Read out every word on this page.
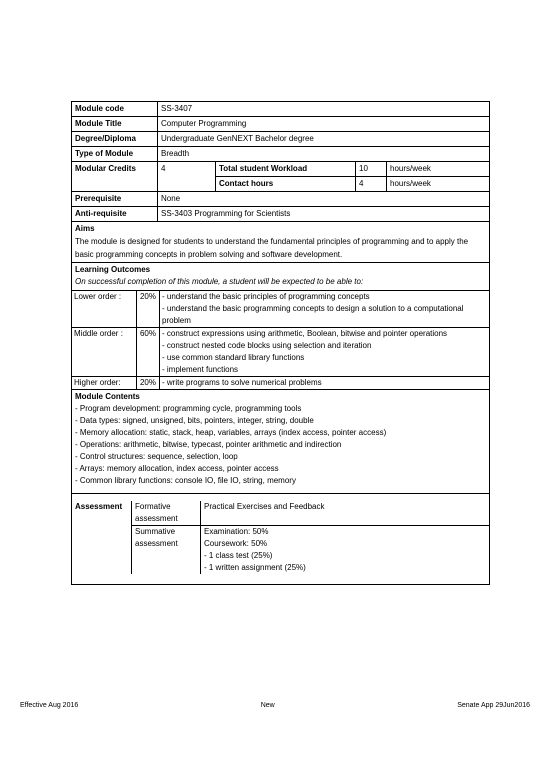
Module code	SS-3407			
Module Title	Computer Programming			
Degree/Diploma	Undergraduate GenNEXT Bachelor degree			
Type of Module	Breadth			
Modular Credits	4	Total student Workload	10	hours/week
		Contact hours	4	hours/week
Prerequisite	None			
Anti-requisite	SS-3403 Programming for Scientists			
Aims
The module is designed for students to understand the fundamental principles of programming and to apply the basic programming concepts in problem solving and software development.
Learning Outcomes
On successful completion of this module, a student will be expected to be able to:
Lower order :	20%	- understand the basic principles of programming concepts
- understand the basic programming concepts to design a solution to a computational problem

Middle order :	60%	- construct expressions using arithmetic, Boolean, bitwise and pointer operations
- construct nested code blocks using selection and iteration
- use common standard library functions
- implement functions

Higher order:	20%	- write programs to solve numerical problems
Module Contents
- Program development: programming cycle, programming tools
- Data types: signed, unsigned, bits, pointers, integer, string, double
- Memory allocation: static, stack, heap, variables, arrays (index access, pointer access)
- Operations: arithmetic, bitwise, typecast, pointer arithmetic and indirection
- Control structures: sequence, selection, loop
- Arrays: memory allocation, index access, pointer access
- Common library functions: console IO, file IO, string, memory
Assessment	Formative assessment	Practical Exercises and Feedback
	Summative assessment	Examination: 50%
Coursework: 50%
- 1 class test (25%)
- 1 written assignment (25%)
Effective Aug 2016	New	Senate App 29Jun2016
